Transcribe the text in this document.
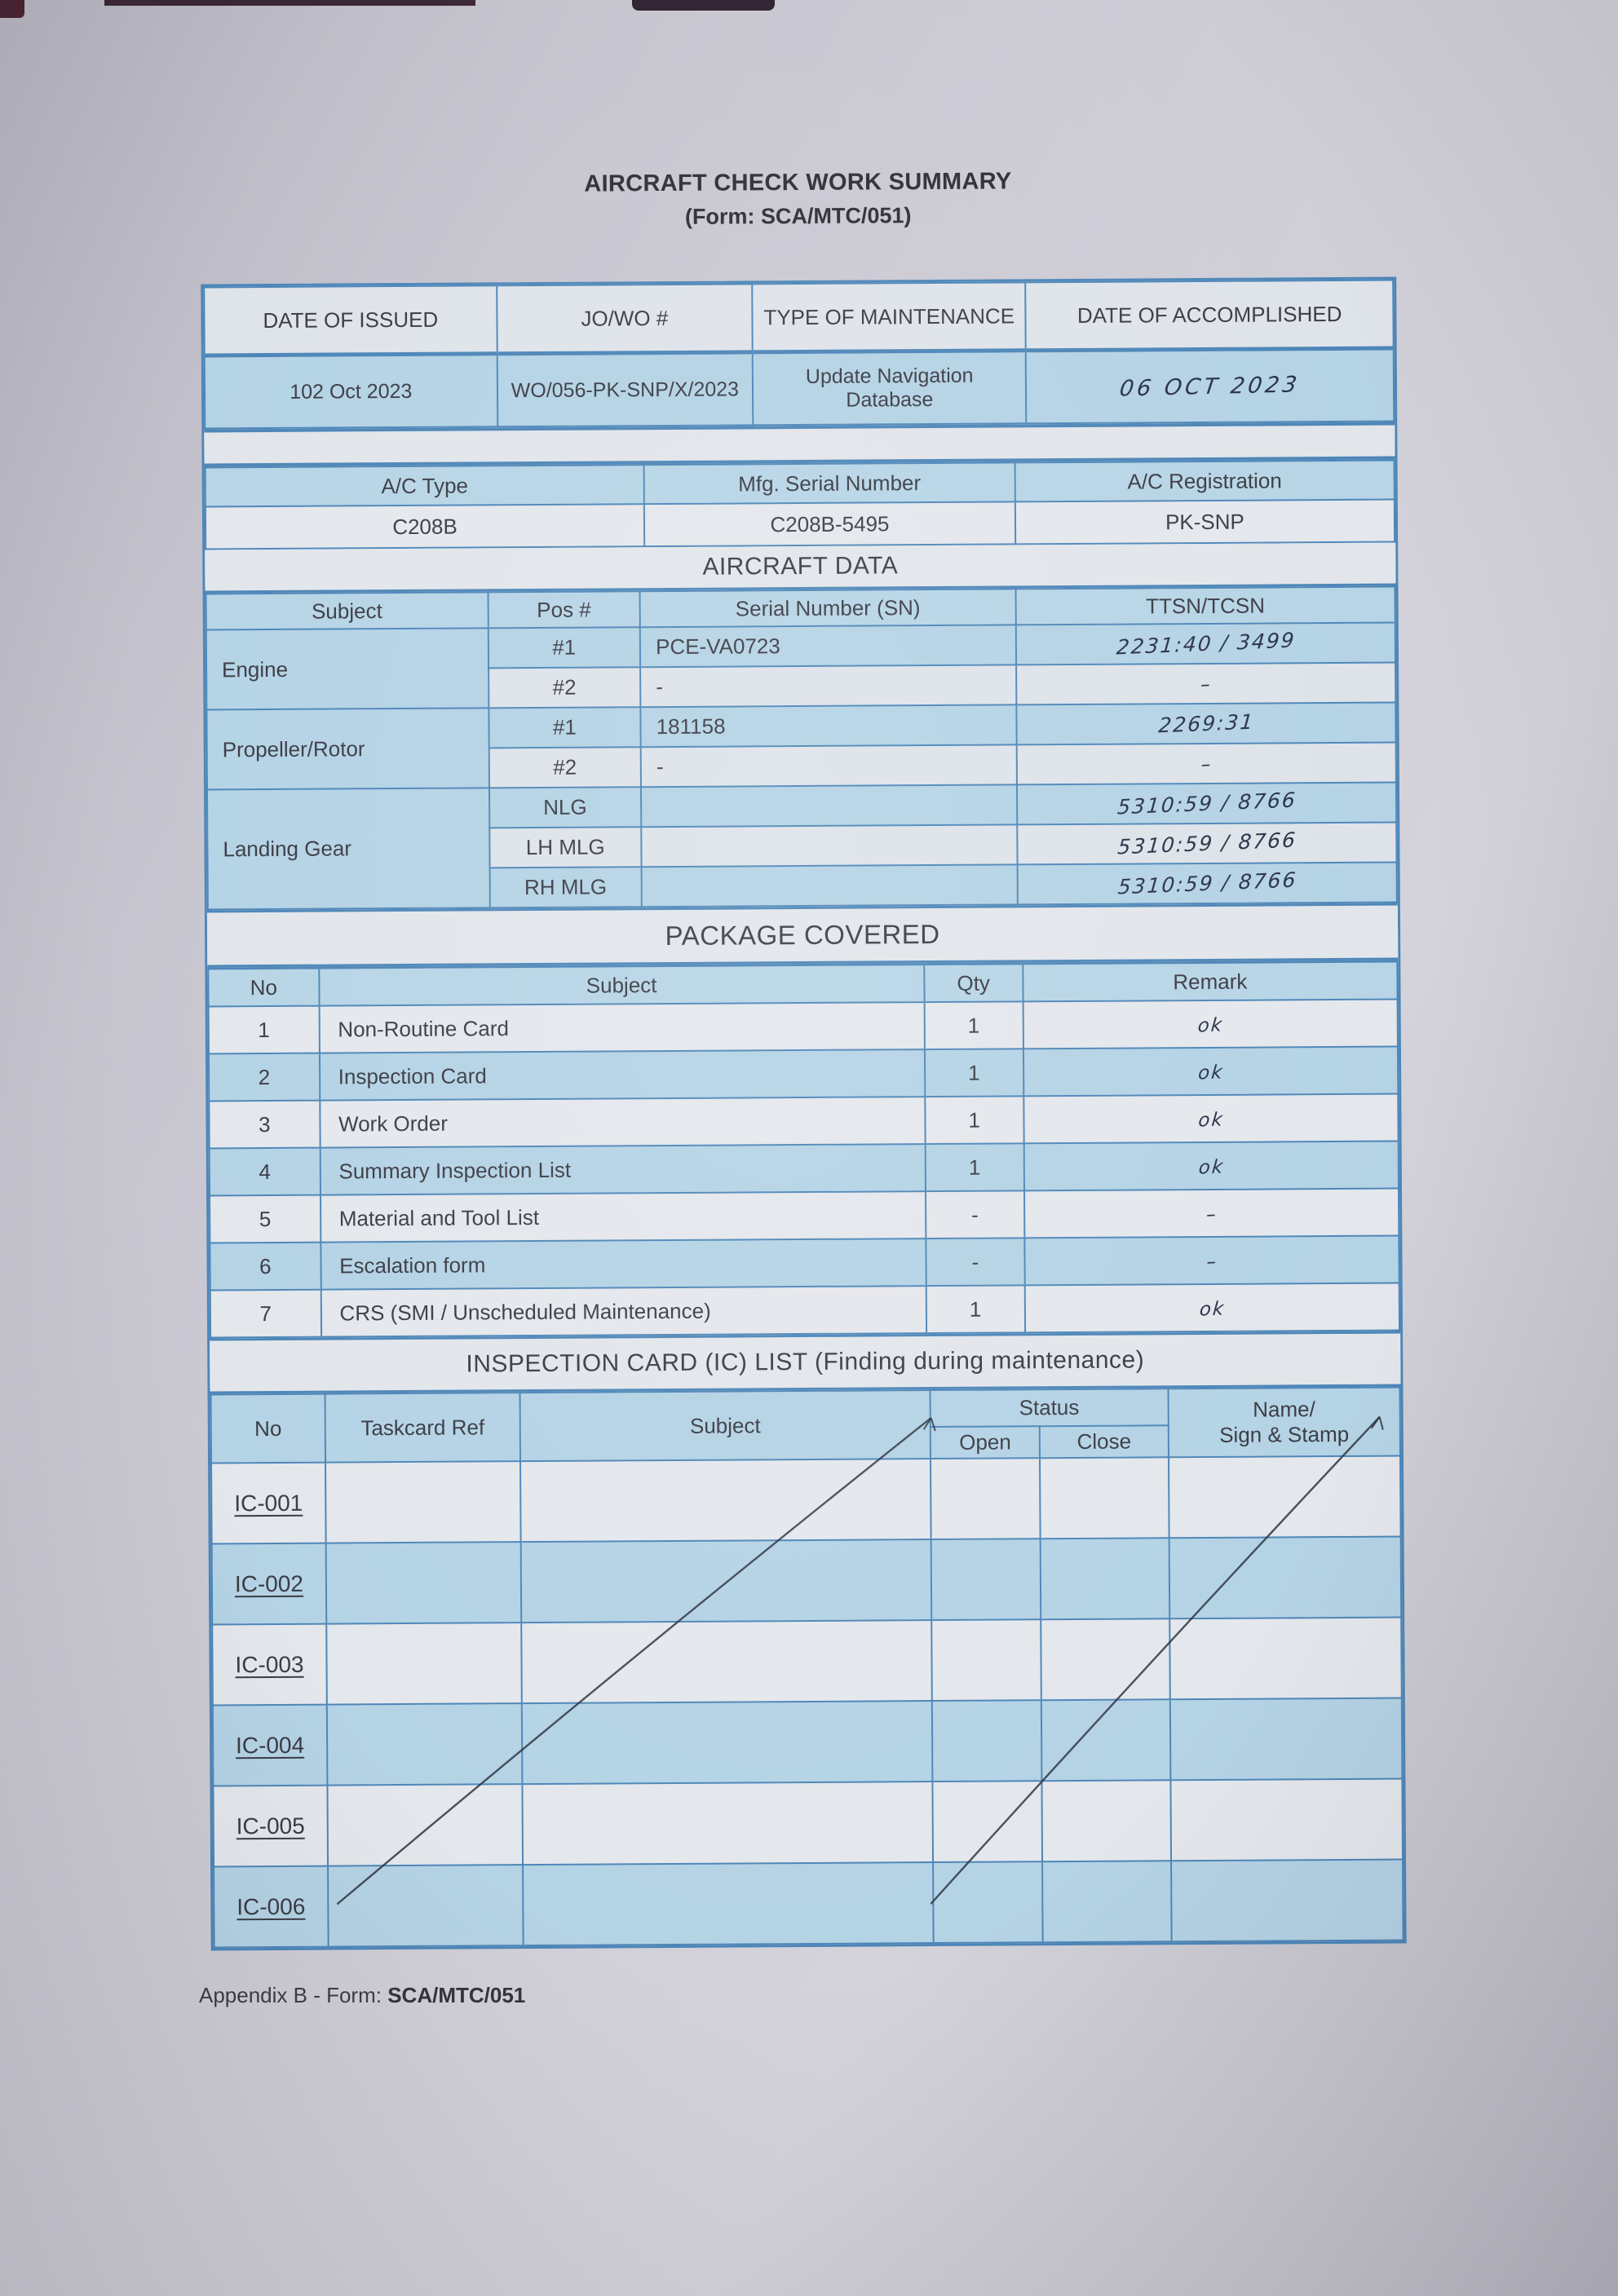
AIRCRAFT CHECK WORK SUMMARY
(Form: SCA/MTC/051)
DATE OF ISSUED	JO/WO #	TYPE OF MAINTENANCE	DATE OF ACCOMPLISHED
102 Oct 2023	WO/056-PK-SNP/X/2023	Update Navigation Database	06 OCT 2023
A/C Type	Mfg. Serial Number	A/C Registration
C208B	C208B-5495	PK-SNP
AIRCRAFT DATA
Subject	Pos #	Serial Number (SN)	TTSN/TCSN
Engine	#1	PCE-VA0723	2231:40 / 3499
	#2	-	–
Propeller/Rotor	#1	181158	2269:31
	#2	-	–
Landing Gear	NLG		5310:59 / 8766
	LH MLG		5310:59 / 8766
	RH MLG		5310:59 / 8766
PACKAGE COVERED
No	Subject	Qty	Remark
1	Non-Routine Card	1	ok
2	Inspection Card	1	ok
3	Work Order	1	ok
4	Summary Inspection List	1	ok
5	Material and Tool List	-	–
6	Escalation form	-	–
7	CRS (SMI / Unscheduled Maintenance)	1	ok
INSPECTION CARD (IC) LIST (Finding during maintenance)
No	Taskcard Ref	Subject	Status		Name/
Sign & Stamp

			Open	Close	
IC-001					
IC-002					
IC-003					
IC-004					
IC-005					
IC-006					
Appendix B - Form: SCA/MTC/051
